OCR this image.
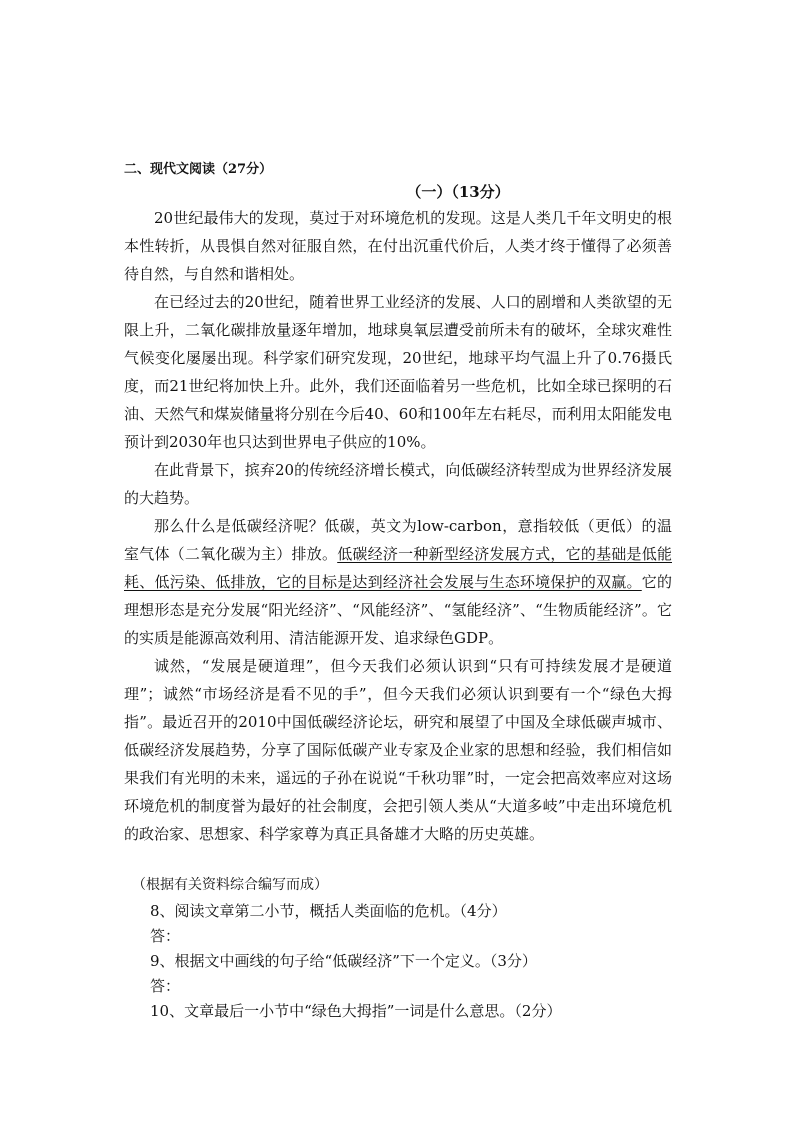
二、现代文阅读（27分）

（一）（13分）

20世纪最伟大的发现，莫过于对环境危机的发现。这是人类几千年文明史的根本性转折，从畏惧自然对征服自然，在付出沉重代价后，人类才终于懂得了必须善待自然，与自然和谐相处。

在已经过去的20世纪，随着世界工业经济的发展、人口的剧增和人类欲望的无限上升，二氧化碳排放量逐年增加，地球臭氧层遭受前所未有的破坏，全球灾难性气候变化屡屡出现。科学家们研究发现，20世纪，地球平均气温上升了0.76摄氏度，而21世纪将加快上升。此外，我们还面临着另一些危机，比如全球已探明的石油、天然气和煤炭储量将分别在今后40、60和100年左右耗尽，而利用太阳能发电预计到2030年也只达到世界电子供应的10%。

在此背景下，摈弃20的传统经济增长模式，向低碳经济转型成为世界经济发展的大趋势。

那么什么是低碳经济呢？低碳，英文为low-carbon，意指较低（更低）的温室气体（二氧化碳为主）排放。低碳经济一种新型经济发展方式，它的基础是低能耗、低污染、低排放，它的目标是达到经济社会发展与生态环境保护的双赢。它的理想形态是充分发展“阳光经济”、“风能经济”、“氢能经济”、“生物质能经济”。它的实质是能源高效利用、清洁能源开发、追求绿色GDP。

诚然，“发展是硬道理”，但今天我们必须认识到“只有可持续发展才是硬道理”；诚然“市场经济是看不见的手”，但今天我们必须认识到要有一个“绿色大拇指”。最近召开的2010中国低碳经济论坛，研究和展望了中国及全球低碳声城市、低碳经济发展趋势，分享了国际低碳产业专家及企业家的思想和经验，我们相信如果我们有光明的未来，遥远的子孙在说说“千秋功罪”时，一定会把高效率应对这场环境危机的制度誉为最好的社会制度，会把引领人类从“大道多岐”中走出环境危机的政治家、思想家、科学家尊为真正具备雄才大略的历史英雄。

（根据有关资料综合编写而成）

8、阅读文章第二小节，概括人类面临的危机。（4分）

答：

9、根据文中画线的句子给“低碳经济”下一个定义。（3分）

答：

10、文章最后一小节中“绿色大拇指”一词是什么意思。（2分）
